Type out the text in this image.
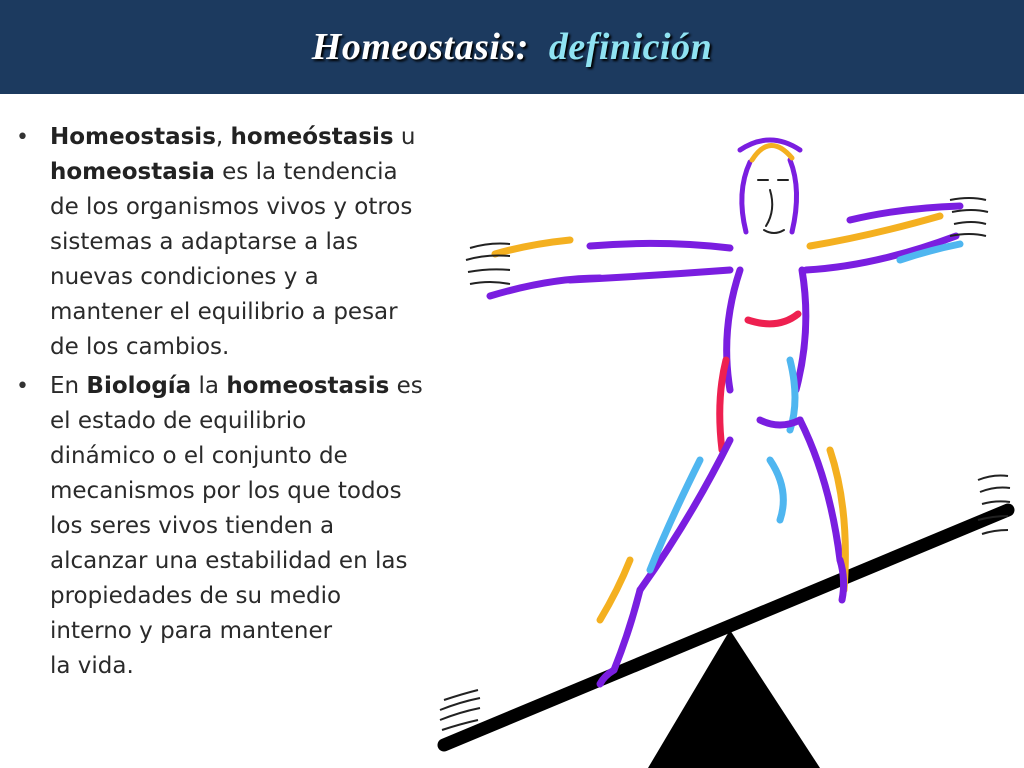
Homeostasis: definición
• Homeostasis, homeóstasis u
homeostasia es la tendencia
de los organismos vivos y otros
sistemas a adaptarse a las
nuevas condiciones y a
mantener el equilibrio a pesar
de los cambios.
• En Biología la homeostasis es
el estado de equilibrio
dinámico o el conjunto de
mecanismos por los que todos
los seres vivos tienden a
alcanzar una estabilidad en las
propiedades de su medio
interno y para mantener
la vida.
